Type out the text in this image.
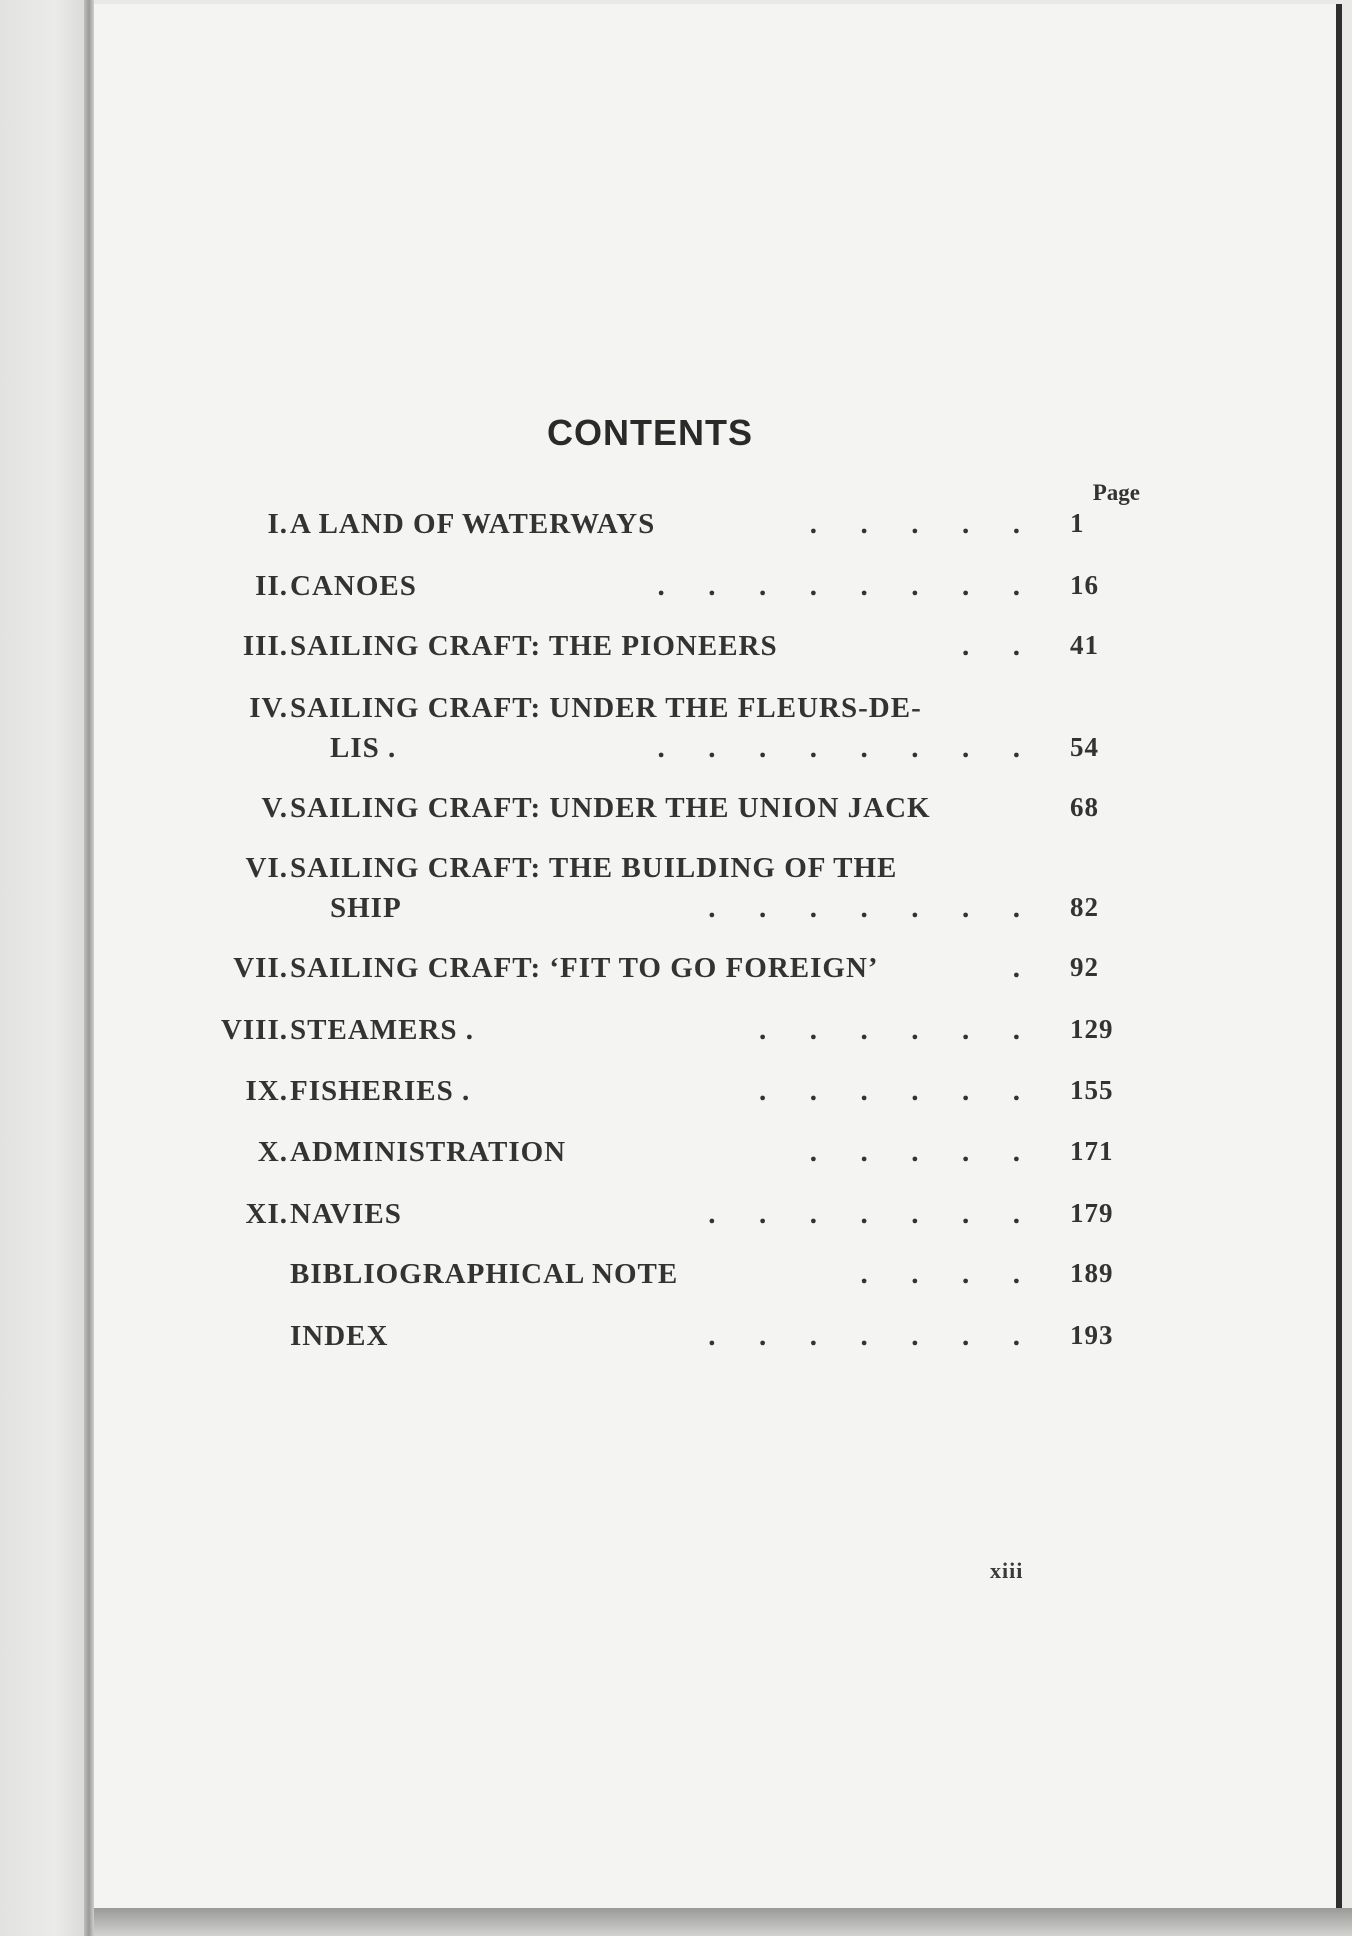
CONTENTS
Page
I. A LAND OF WATERWAYS	.      .      .      .      . 1
II. CANOES	.      .      .      .      .      .      .      . 16
III. SAILING CRAFT: THE PIONEERS	.      . 41
IV. SAILING CRAFT: UNDER THE FLEURS-DE-
LIS .	.      .      .      .      .      .      .      . 54
V. SAILING CRAFT: UNDER THE UNION JACK	68
VI. SAILING CRAFT: THE BUILDING OF THE
SHIP	.      .      .      .      .      .      . 82
VII. SAILING CRAFT: ‘FIT TO GO FOREIGN’	. 92
VIII. STEAMERS .	.      .      .      .      .      . 129
IX. FISHERIES .	.      .      .      .      .      . 155
X. ADMINISTRATION	.      .      .      .      . 171
XI. NAVIES	.      .      .      .      .      .      . 179
BIBLIOGRAPHICAL NOTE	.      .      .      . 189
INDEX	.      .      .      .      .      .      . 193
xiii
